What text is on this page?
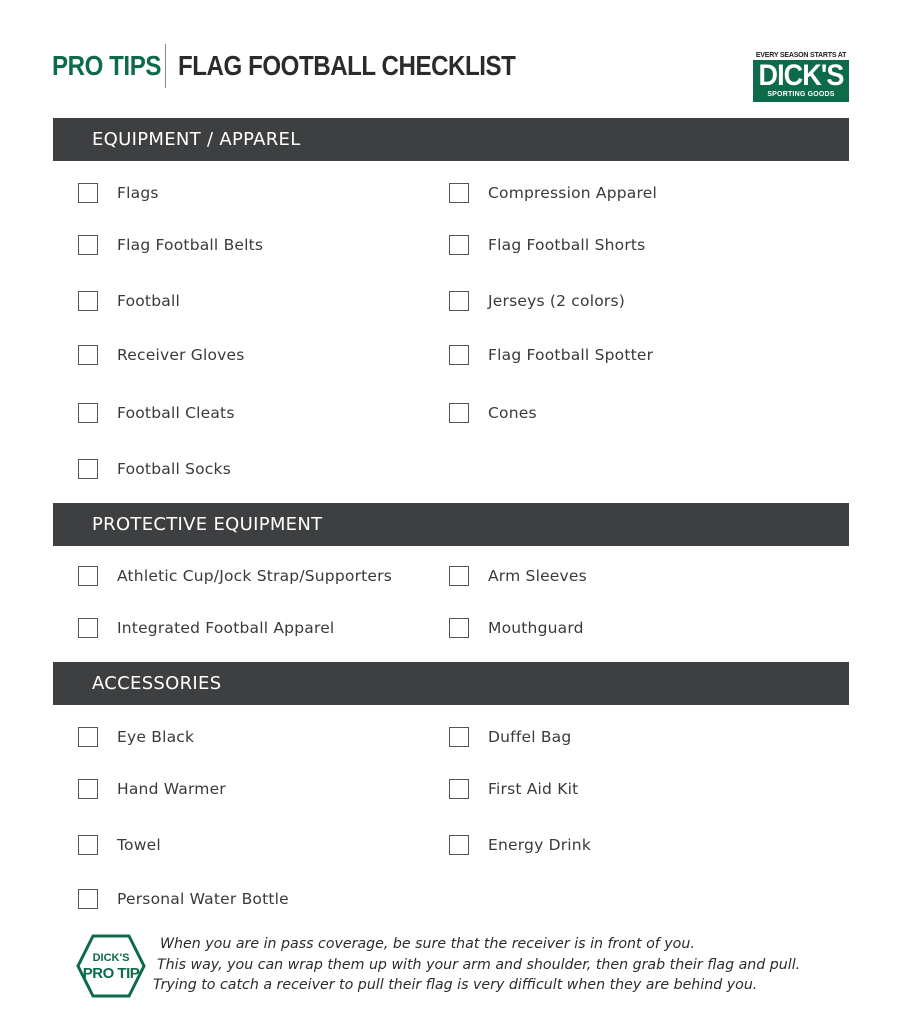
PRO TIPS FLAG FOOTBALL CHECKLIST	EVERY SEASON STARTS AT
DICK'S
SPORTING GOODS
EQUIPMENT / APPAREL
Flags	Compression Apparel
Flag Football Belts	Flag Football Shorts
Football	Jerseys (2 colors)
Receiver Gloves	Flag Football Spotter
Football Cleats	Cones
Football Socks
PROTECTIVE EQUIPMENT
Athletic Cup/Jock Strap/Supporters	Arm Sleeves
Integrated Football Apparel	Mouthguard
ACCESSORIES
Eye Black	Duffel Bag
Hand Warmer	First Aid Kit
Towel	Energy Drink
Personal Water Bottle
DICK'S
PRO TIP
When you are in pass coverage, be sure that the receiver is in front of you.
This way, you can wrap them up with your arm and shoulder, then grab their flag and pull.
Trying to catch a receiver to pull their flag is very difficult when they are behind you.
